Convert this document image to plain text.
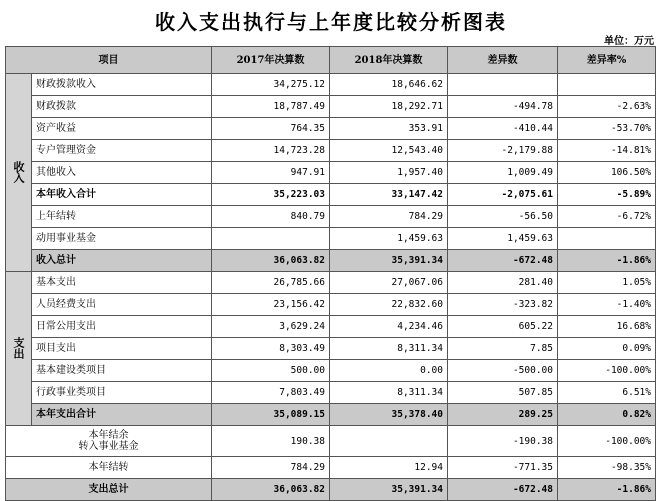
收入支出执行与上年度比较分析图表
单位：万元
项目		2017年决算数	2018年决算数	差异数	差异率%
收入	财政拨款收入	34,275.12	18,646.62		
	财政拨款	18,787.49	18,292.71	-494.78	-2.63%
	资产收益	764.35	353.91	-410.44	-53.70%
	专户管理资金	14,723.28	12,543.40	-2,179.88	-14.81%
	其他收入	947.91	1,957.40	1,009.49	106.50%
	本年收入合计	35,223.03	33,147.42	-2,075.61	-5.89%
	上年结转	840.79	784.29	-56.50	-6.72%
	动用事业基金		1,459.63	1,459.63	
	收入总计	36,063.82	35,391.34	-672.48	-1.86%
支出	基本支出	26,785.66	27,067.06	281.40	1.05%
	人员经费支出	23,156.42	22,832.60	-323.82	-1.40%
	日常公用支出	3,629.24	4,234.46	605.22	16.68%
	项目支出	8,303.49	8,311.34	7.85	0.09%
	基本建设类项目	500.00	0.00	-500.00	-100.00%
	行政事业类项目	7,803.49	8,311.34	507.85	6.51%
	本年支出合计	35,089.15	35,378.40	289.25	0.82%
本年结余
转入事业基金		190.38		-190.38	-100.00%
本年结转		784.29	12.94	-771.35	-98.35%
支出总计		36,063.82	35,391.34	-672.48	-1.86%
